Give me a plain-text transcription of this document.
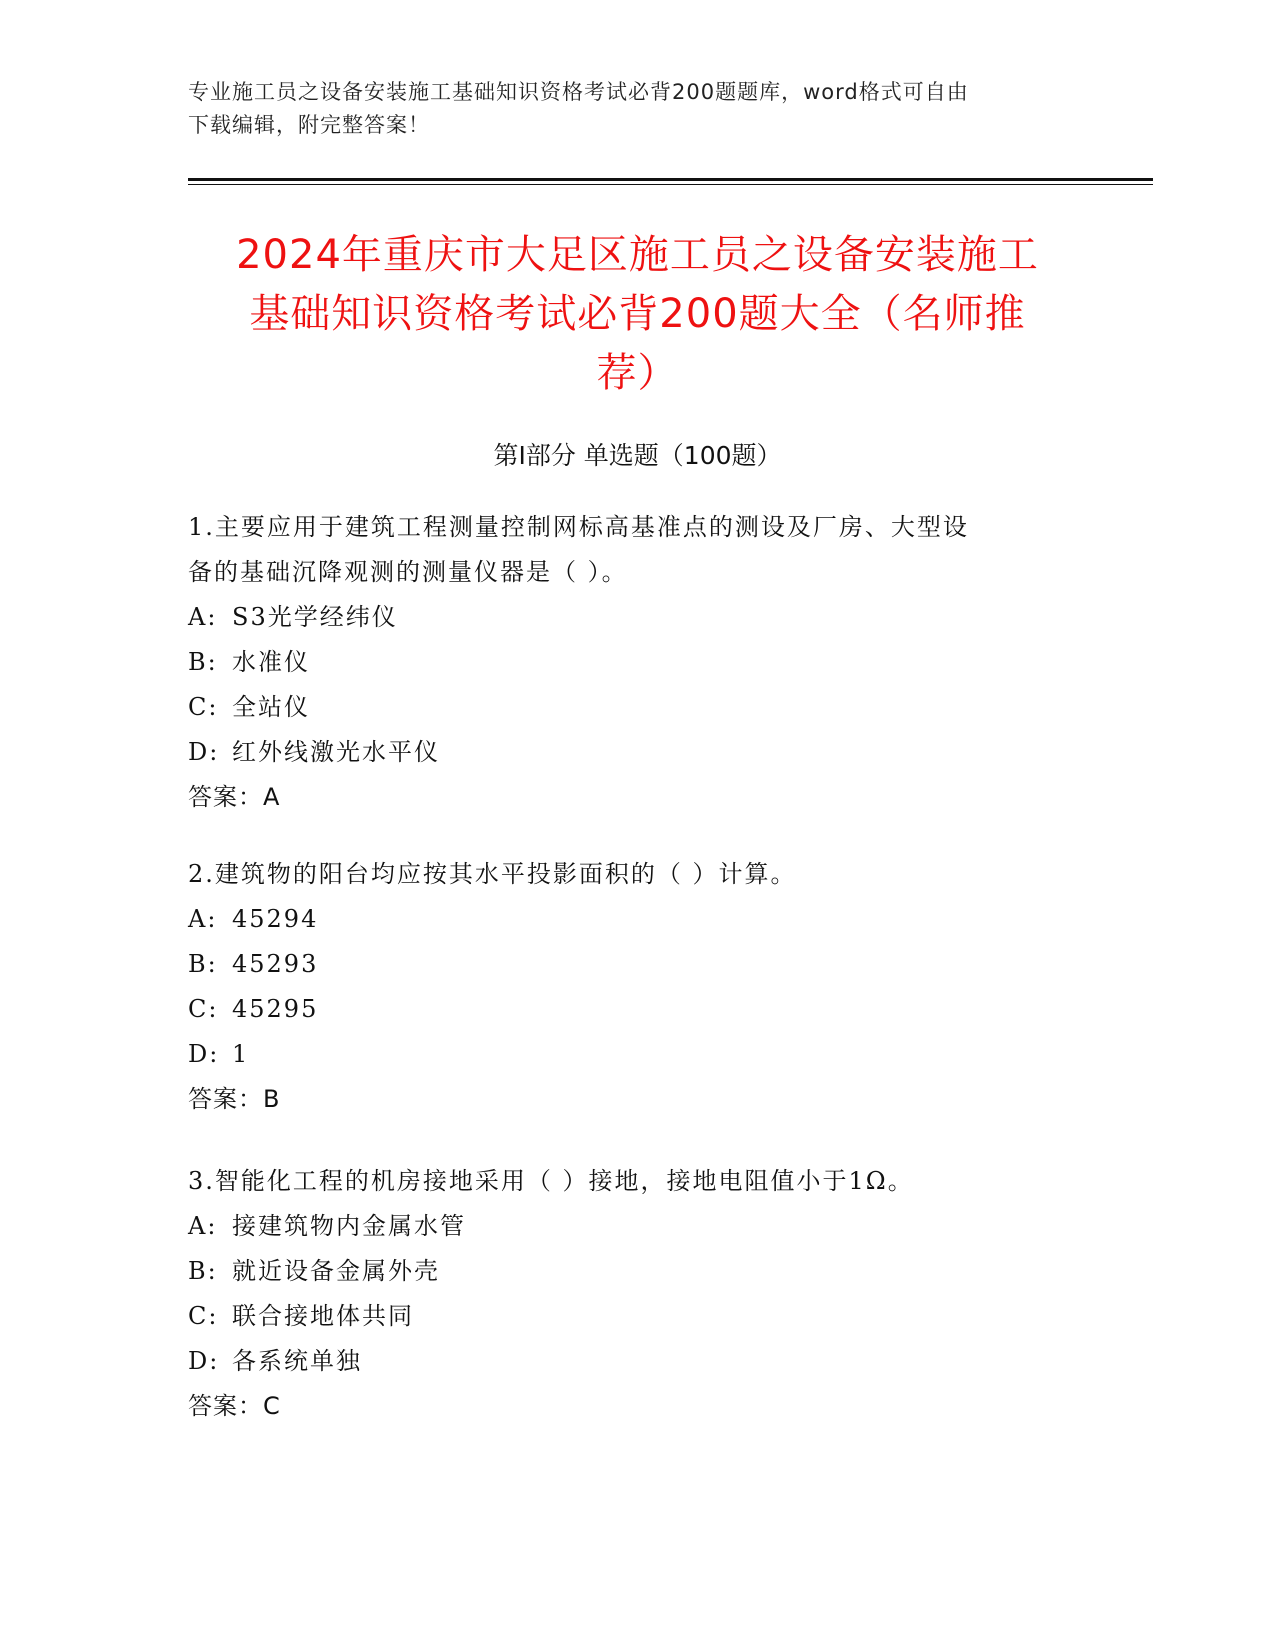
专业施工员之设备安装施工基础知识资格考试必背200题题库，word格式可自由
下载编辑，附完整答案！
2024年重庆市大足区施工员之设备安装施工
基础知识资格考试必背200题大全（名师推
荐）
第Ⅰ部分 单选题（100题）

1.主要应用于建筑工程测量控制网标高基准点的测设及厂房、大型设
备的基础沉降观测的测量仪器是（ ）。

A: S3光学经纬仪

B: 水准仪

C: 全站仪

D: 红外线激光水平仪

答案：A

2.建筑物的阳台均应按其水平投影面积的（ ）计算。

A: 45294

B: 45293

C: 45295

D: 1

答案：B

3.智能化工程的机房接地采用（ ）接地，接地电阻值小于1Ω。

A: 接建筑物内金属水管

B: 就近设备金属外壳

C: 联合接地体共同

D: 各系统单独

答案：C
